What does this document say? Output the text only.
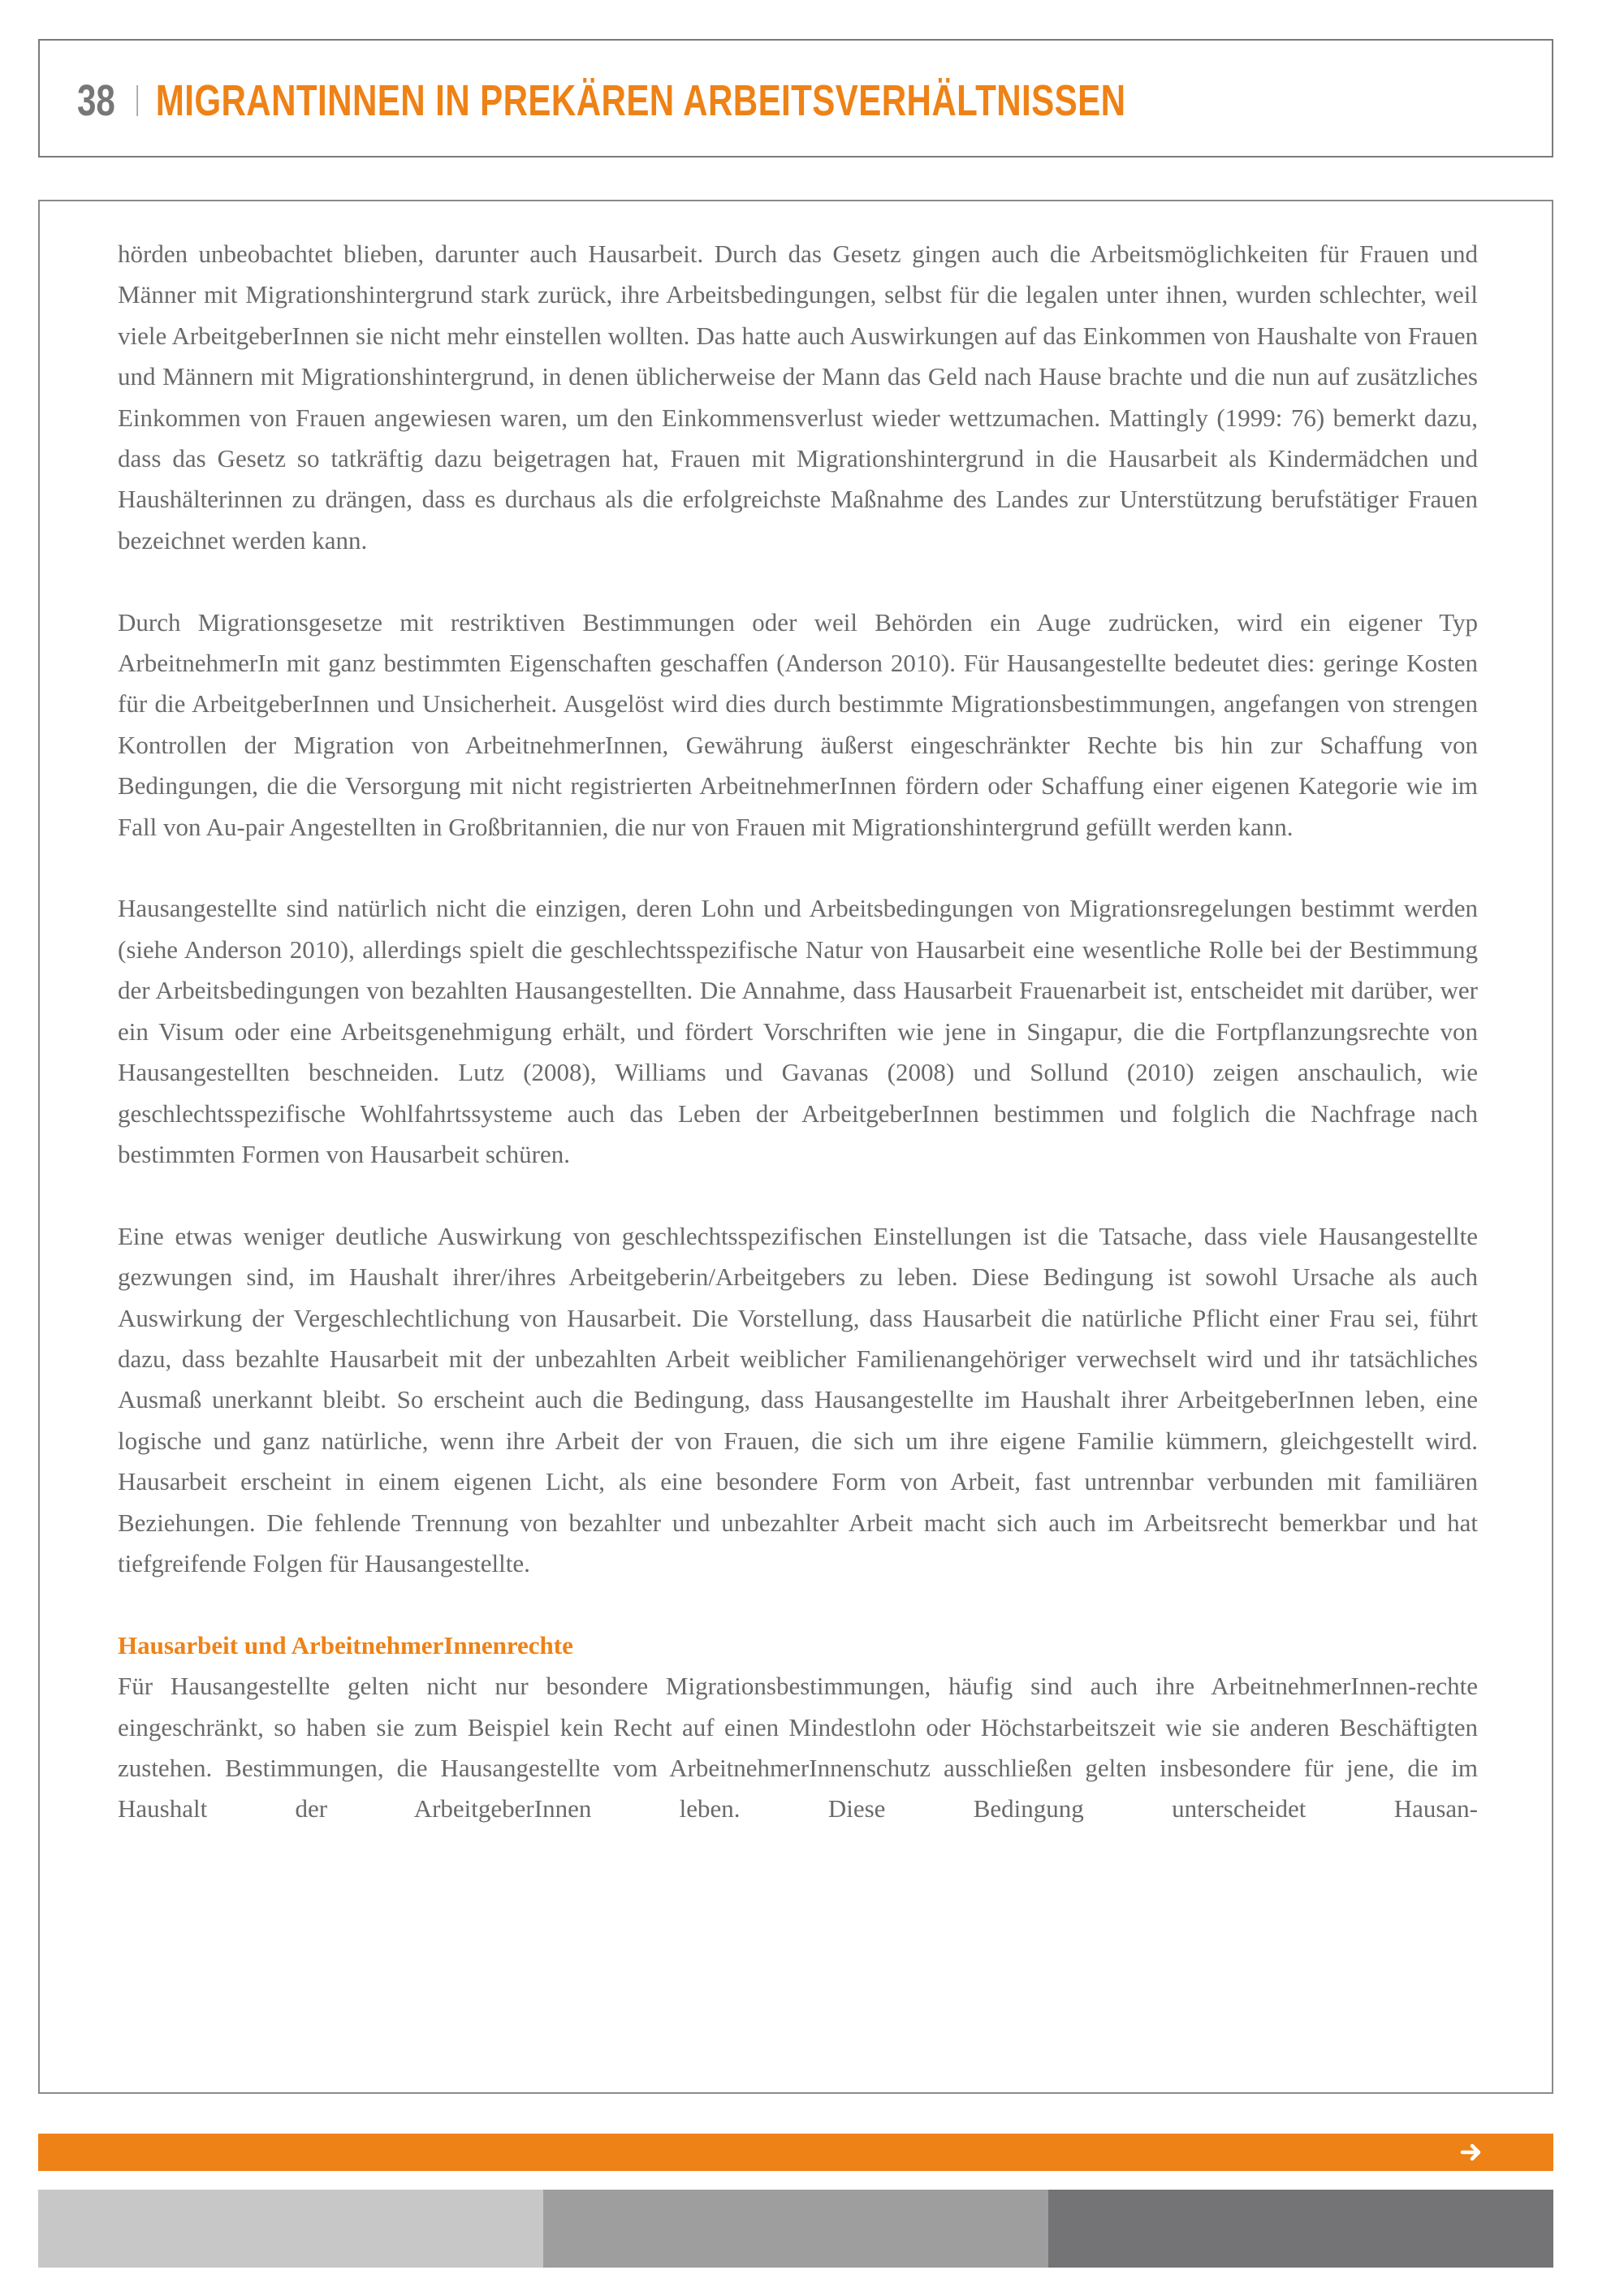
38 MIGRANTINNEN IN PREKÄREN ARBEITSVERHÄLTNISSEN

hörden unbeobachtet blieben, darunter auch Hausarbeit. Durch das Gesetz gingen auch die Arbeitsmöglichkeiten für Frauen und Männer mit Migrationshintergrund stark zurück, ihre Arbeitsbedingungen, selbst für die legalen unter ihnen, wurden schlechter, weil viele ArbeitgeberInnen sie nicht mehr einstellen wollten. Das hatte auch Auswirkungen auf das Einkommen von Haushalte von Frauen und Männern mit Migrationshintergrund, in denen üblicherweise der Mann das Geld nach Hause brachte und die nun auf zusätzliches Einkommen von Frauen angewiesen waren, um den Einkommensverlust wieder wettzumachen. Mattingly (1999: 76) bemerkt dazu, dass das Gesetz so tatkräftig dazu beigetragen hat, Frauen mit Migrationshintergrund in die Hausarbeit als Kindermädchen und Haushälterinnen zu drängen, dass es durchaus als die erfolgreichste Maßnahme des Landes zur Unterstützung berufstätiger Frauen bezeichnet werden kann.

Durch Migrationsgesetze mit restriktiven Bestimmungen oder weil Behörden ein Auge zudrücken, wird ein eigener Typ ArbeitnehmerIn mit ganz bestimmten Eigenschaften geschaffen (Anderson 2010). Für Hausangestellte bedeutet dies: geringe Kosten für die ArbeitgeberInnen und Unsicherheit. Ausgelöst wird dies durch bestimmte Migrationsbestimmungen, angefangen von strengen Kontrollen der Migration von ArbeitnehmerInnen, Gewährung äußerst eingeschränkter Rechte bis hin zur Schaffung von Bedingungen, die die Versorgung mit nicht registrierten ArbeitnehmerInnen fördern oder Schaffung einer eigenen Kategorie wie im Fall von Au-pair Angestellten in Großbritannien, die nur von Frauen mit Migrationshintergrund gefüllt werden kann.

Hausangestellte sind natürlich nicht die einzigen, deren Lohn und Arbeitsbedingungen von Migrationsregelungen bestimmt werden (siehe Anderson 2010), allerdings spielt die geschlechtsspezifische Natur von Hausarbeit eine wesentliche Rolle bei der Bestimmung der Arbeitsbedingungen von bezahlten Hausangestellten. Die Annahme, dass Hausarbeit Frauenarbeit ist, entscheidet mit darüber, wer ein Visum oder eine Arbeitsgenehmigung erhält, und fördert Vorschriften wie jene in Singapur, die die Fortpflanzungsrechte von Hausangestellten beschneiden. Lutz (2008), Williams und Gavanas (2008) und Sollund (2010) zeigen anschaulich, wie geschlechtsspezifische Wohlfahrtssysteme auch das Leben der ArbeitgeberInnen bestimmen und folglich die Nachfrage nach bestimmten Formen von Hausarbeit schüren.

Eine etwas weniger deutliche Auswirkung von geschlechtsspezifischen Einstellungen ist die Tatsache, dass viele Hausangestellte gezwungen sind, im Haushalt ihrer/ihres Arbeitgeberin/Arbeitgebers zu leben. Diese Bedingung ist sowohl Ursache als auch Auswirkung der Vergeschlechtlichung von Hausarbeit. Die Vorstellung, dass Hausarbeit die natürliche Pflicht einer Frau sei, führt dazu, dass bezahlte Hausarbeit mit der unbezahlten Arbeit weiblicher Familienangehöriger verwechselt wird und ihr tatsächliches Ausmaß unerkannt bleibt. So erscheint auch die Bedingung, dass Hausangestellte im Haushalt ihrer ArbeitgeberInnen leben, eine logische und ganz natürliche, wenn ihre Arbeit der von Frauen, die sich um ihre eigene Familie kümmern, gleichgestellt wird. Hausarbeit erscheint in einem eigenen Licht, als eine besondere Form von Arbeit, fast untrennbar verbunden mit familiären Beziehungen. Die fehlende Trennung von bezahlter und unbezahlter Arbeit macht sich auch im Arbeitsrecht bemerkbar und hat tiefgreifende Folgen für Hausangestellte.

Hausarbeit und ArbeitnehmerInnenrechte

Für Hausangestellte gelten nicht nur besondere Migrationsbestimmungen, häufig sind auch ihre ArbeitnehmerInnen-rechte eingeschränkt, so haben sie zum Beispiel kein Recht auf einen Mindestlohn oder Höchstarbeitszeit wie sie anderen Beschäftigten zustehen. Bestimmungen, die Hausangestellte vom ArbeitnehmerInnenschutz ausschließen gelten insbesondere für jene, die im Haushalt der ArbeitgeberInnen leben. Diese Bedingung unterscheidet Hausan-
